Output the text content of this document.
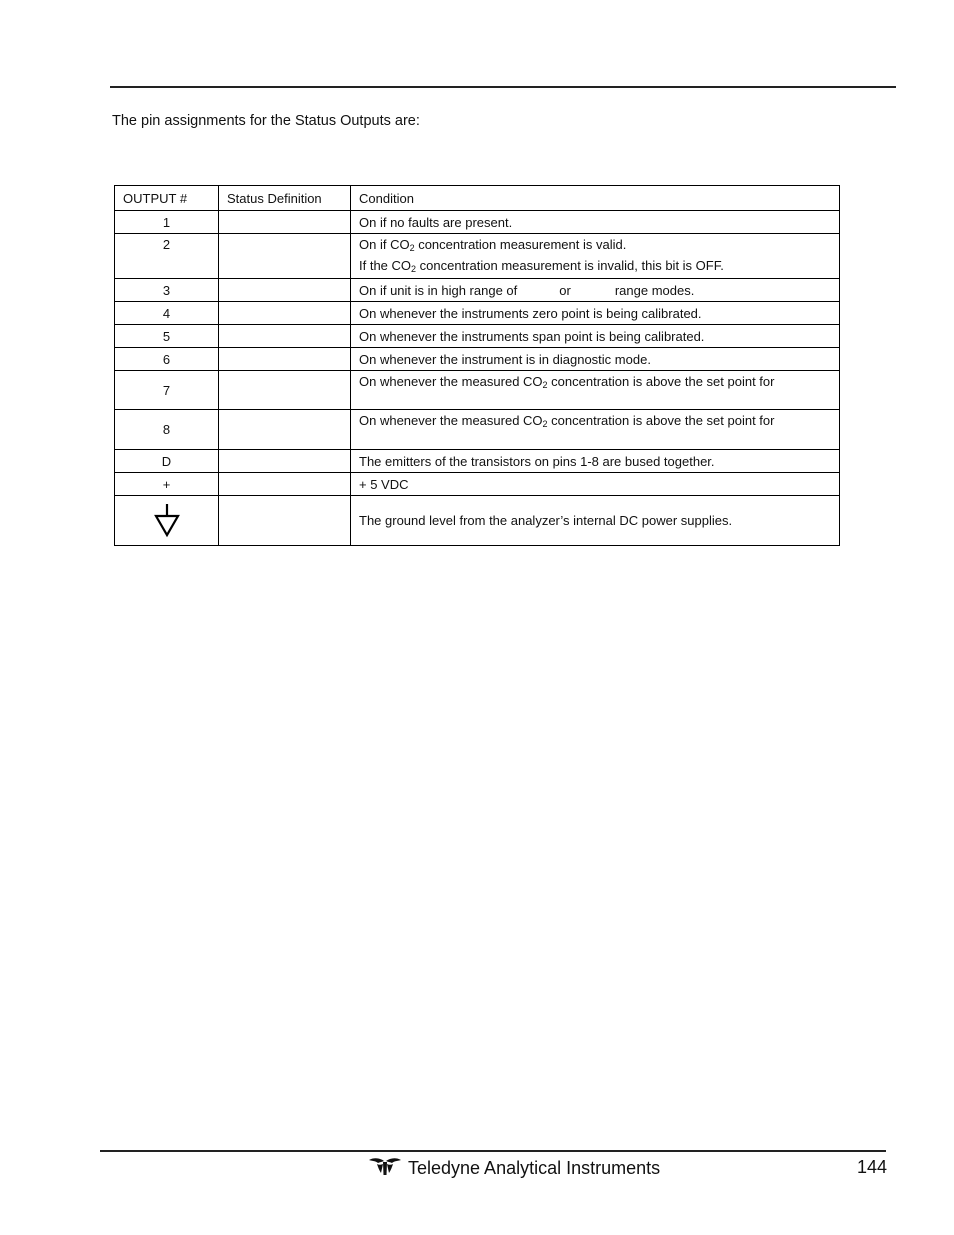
The pin assignments for the Status Outputs are:
OUTPUT #	Status Definition	Condition
1		On if no faults are present.
2		On if $CO_2$ concentration measurement is valid.
If the $CO_2$ concentration measurement is invalid, this bit is OFF.

3		On if unit is in high range of or range modes.
4		On whenever the instruments zero point is being calibrated.
5		On whenever the instruments span point is being calibrated.
6		On whenever the instrument is in diagnostic mode.
7		On whenever the measured $CO_2$ concentration is above the set point for
8		On whenever the measured $CO_2$ concentration is above the set point for
D		The emitters of the transistors on pins 1-8 are bused together.
+		+ 5 VDC

		The ground level from the analyzer’s internal DC power supplies.
Teledyne Analytical Instruments	144
